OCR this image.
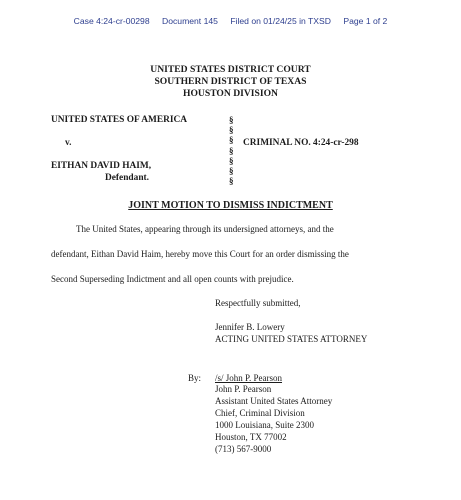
Case 4:24-cr-00298 Document 145 Filed on 01/24/25 in TXSD Page 1 of 2
UNITED STATES DISTRICT COURT
SOUTHERN DISTRICT OF TEXAS
HOUSTON DIVISION
UNITED STATES OF AMERICA
v.
EITHAN DAVID HAIM,
Defendant.
§
§
§
§
§
§
§
CRIMINAL NO. 4:24-cr-298
JOINT MOTION TO DISMISS INDICTMENT
The United States, appearing through its undersigned attorneys, and the
defendant, Eithan David Haim, hereby move this Court for an order dismissing the
Second Superseding Indictment and all open counts with prejudice.
Respectfully submitted,
Jennifer B. Lowery
ACTING UNITED STATES ATTORNEY
By: /s/ John P. Pearson
John P. Pearson
Assistant United States Attorney
Chief, Criminal Division
1000 Louisiana, Suite 2300
Houston, TX 77002
(713) 567-9000
